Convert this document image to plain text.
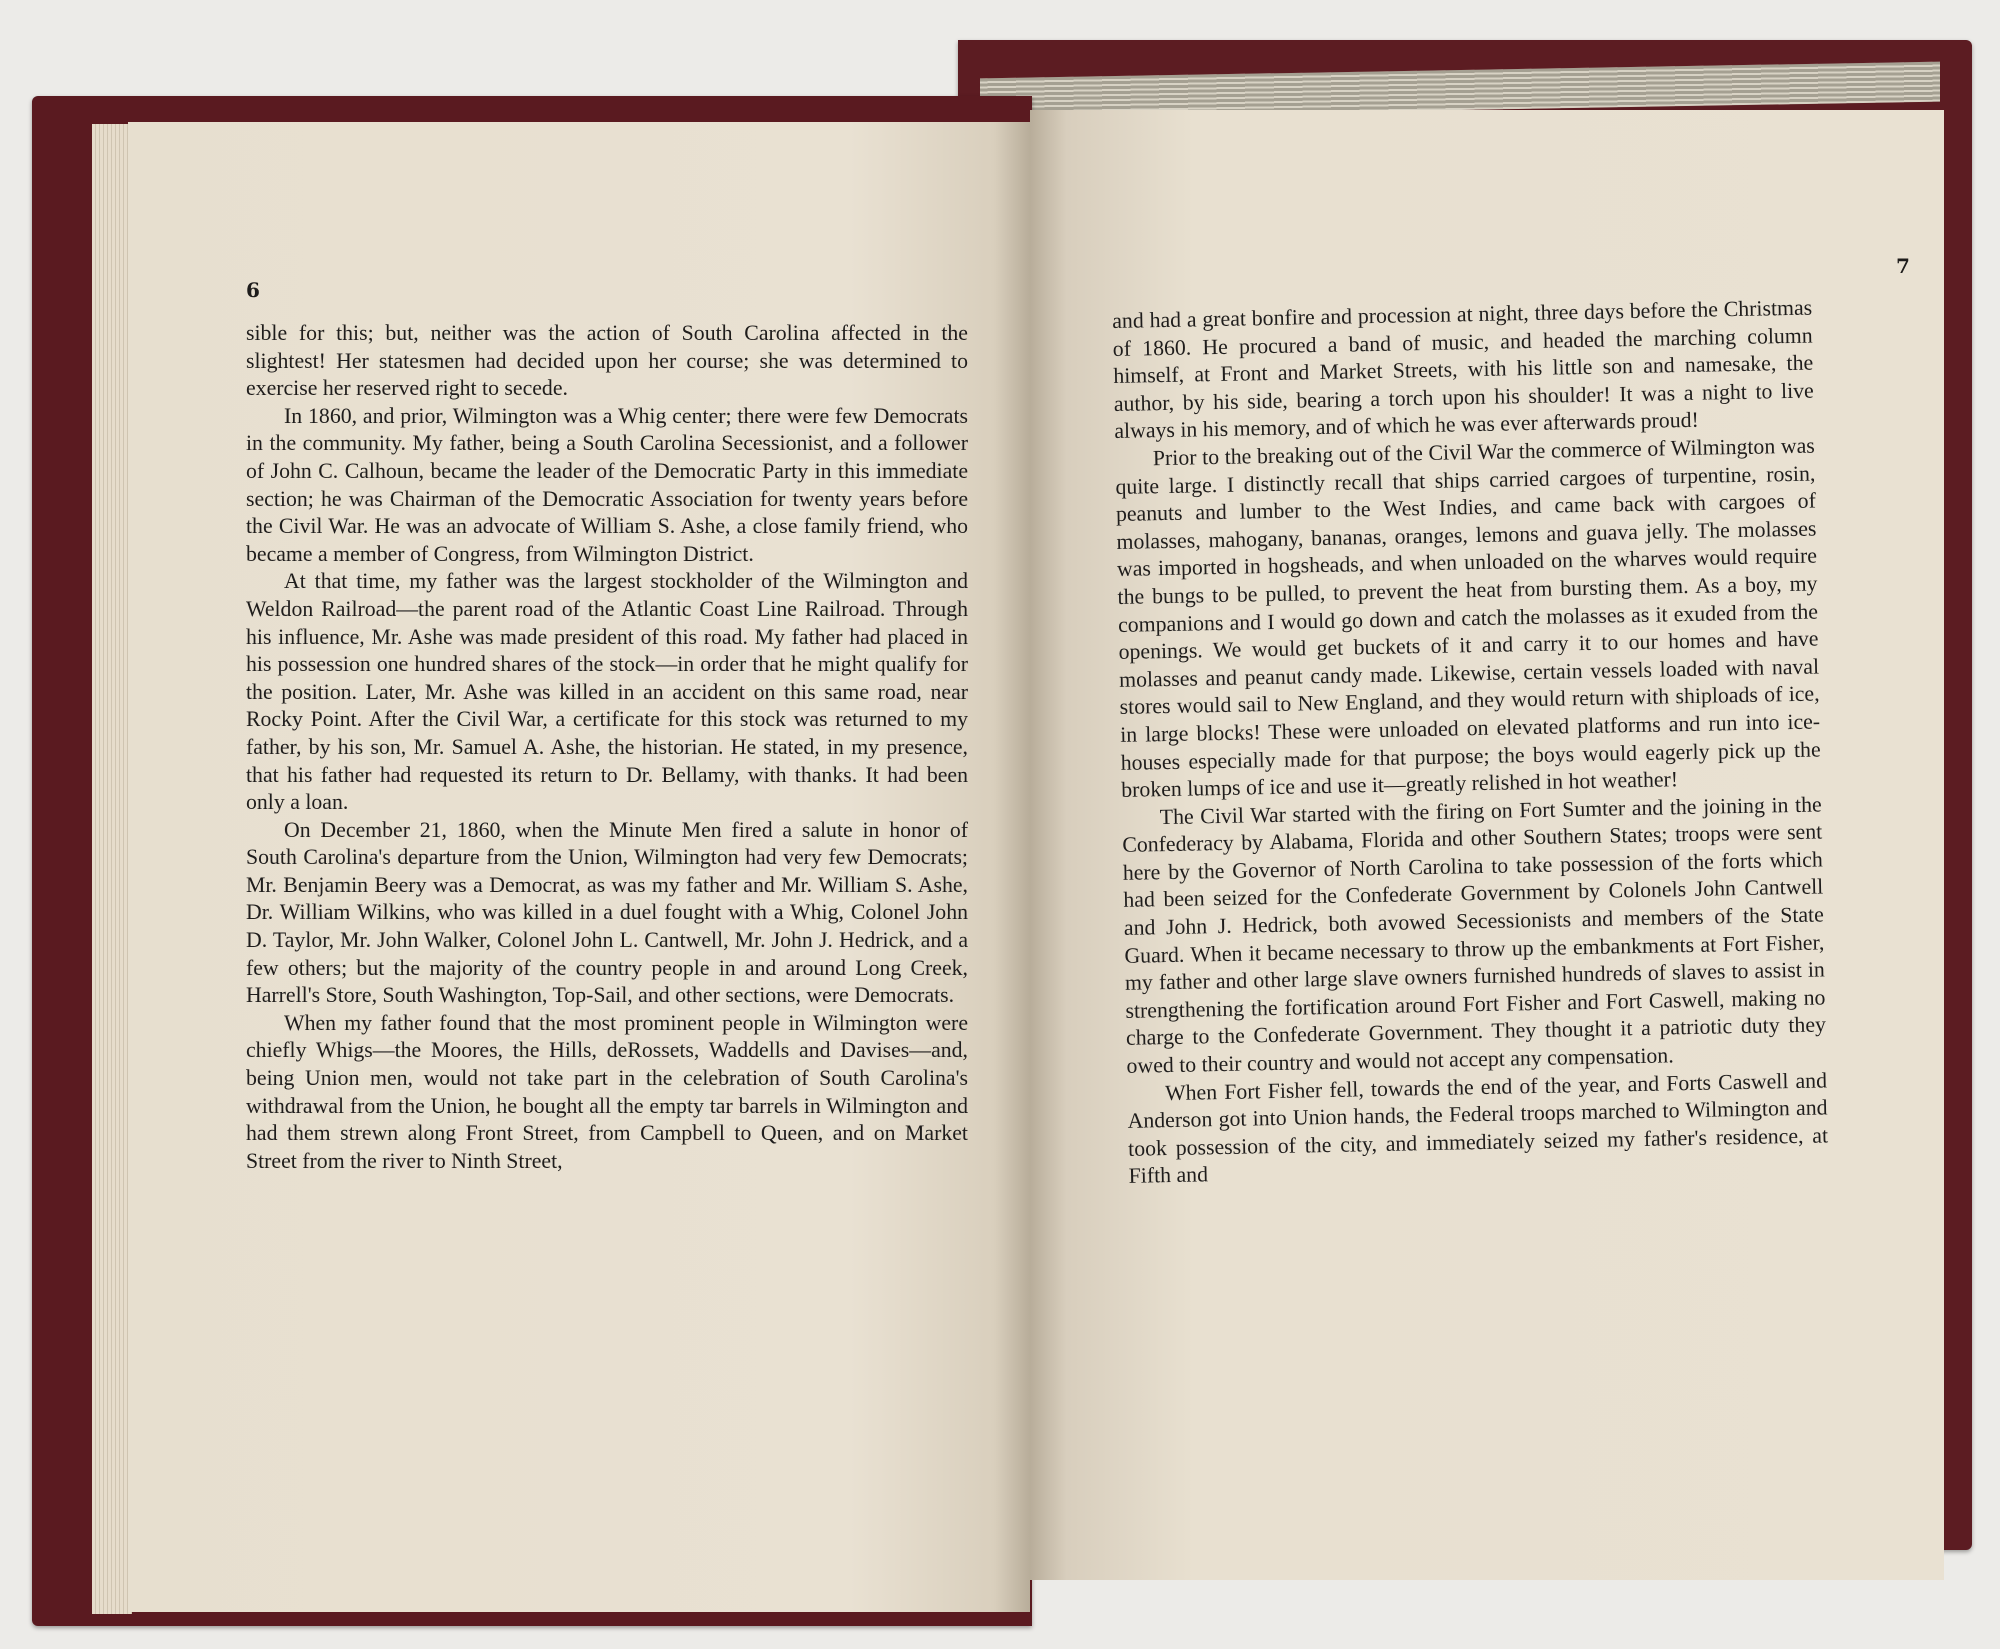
6

sible for this; but, neither was the action of South Carolina affected in the slightest! Her statesmen had decided upon her course; she was determined to exercise her reserved right to secede.

In 1860, and prior, Wilmington was a Whig center; there were few Democrats in the community. My father, being a South Carolina Secessionist, and a follower of John C. Calhoun, became the leader of the Democratic Party in this immediate section; he was Chairman of the Democratic Association for twenty years before the Civil War. He was an advocate of William S. Ashe, a close family friend, who became a member of Congress, from Wilmington District.

At that time, my father was the largest stockholder of the Wilmington and Weldon Railroad—the parent road of the Atlantic Coast Line Railroad. Through his influence, Mr. Ashe was made president of this road. My father had placed in his possession one hundred shares of the stock—in order that he might qualify for the position. Later, Mr. Ashe was killed in an accident on this same road, near Rocky Point. After the Civil War, a certificate for this stock was returned to my father, by his son, Mr. Samuel A. Ashe, the historian. He stated, in my presence, that his father had requested its return to Dr. Bellamy, with thanks. It had been only a loan.

On December 21, 1860, when the Minute Men fired a salute in honor of South Carolina's departure from the Union, Wilmington had very few Democrats; Mr. Benjamin Beery was a Democrat, as was my father and Mr. William S. Ashe, Dr. William Wilkins, who was killed in a duel fought with a Whig, Colonel John D. Taylor, Mr. John Walker, Colonel John L. Cantwell, Mr. John J. Hedrick, and a few others; but the majority of the country people in and around Long Creek, Harrell's Store, South Washington, Top-Sail, and other sections, were Democrats.

When my father found that the most prominent people in Wilmington were chiefly Whigs—the Moores, the Hills, deRossets, Waddells and Davises—and, being Union men, would not take part in the celebration of South Carolina's withdrawal from the Union, he bought all the empty tar barrels in Wilmington and had them strewn along Front Street, from Campbell to Queen, and on Market Street from the river to Ninth Street,

7

and had a great bonfire and procession at night, three days before the Christmas of 1860. He procured a band of music, and headed the marching column himself, at Front and Market Streets, with his little son and namesake, the author, by his side, bearing a torch upon his shoulder! It was a night to live always in his memory, and of which he was ever afterwards proud!

Prior to the breaking out of the Civil War the commerce of Wilmington was quite large. I distinctly recall that ships carried cargoes of turpentine, rosin, peanuts and lumber to the West Indies, and came back with cargoes of molasses, mahogany, bananas, oranges, lemons and guava jelly. The molasses was imported in hogsheads, and when unloaded on the wharves would require the bungs to be pulled, to prevent the heat from bursting them. As a boy, my companions and I would go down and catch the molasses as it exuded from the openings. We would get buckets of it and carry it to our homes and have molasses and peanut candy made. Likewise, certain vessels loaded with naval stores would sail to New England, and they would return with shiploads of ice, in large blocks! These were unloaded on elevated platforms and run into ice-houses especially made for that purpose; the boys would eagerly pick up the broken lumps of ice and use it—greatly relished in hot weather!

The Civil War started with the firing on Fort Sumter and the joining in the Confederacy by Alabama, Florida and other Southern States; troops were sent here by the Governor of North Carolina to take possession of the forts which had been seized for the Confederate Government by Colonels John Cantwell and John J. Hedrick, both avowed Secessionists and members of the State Guard. When it became necessary to throw up the embankments at Fort Fisher, my father and other large slave owners furnished hundreds of slaves to assist in strengthening the fortification around Fort Fisher and Fort Caswell, making no charge to the Confederate Government. They thought it a patriotic duty they owed to their country and would not accept any compensation.

When Fort Fisher fell, towards the end of the year, and Forts Caswell and Anderson got into Union hands, the Federal troops marched to Wilmington and took possession of the city, and immediately seized my father's residence, at Fifth and
